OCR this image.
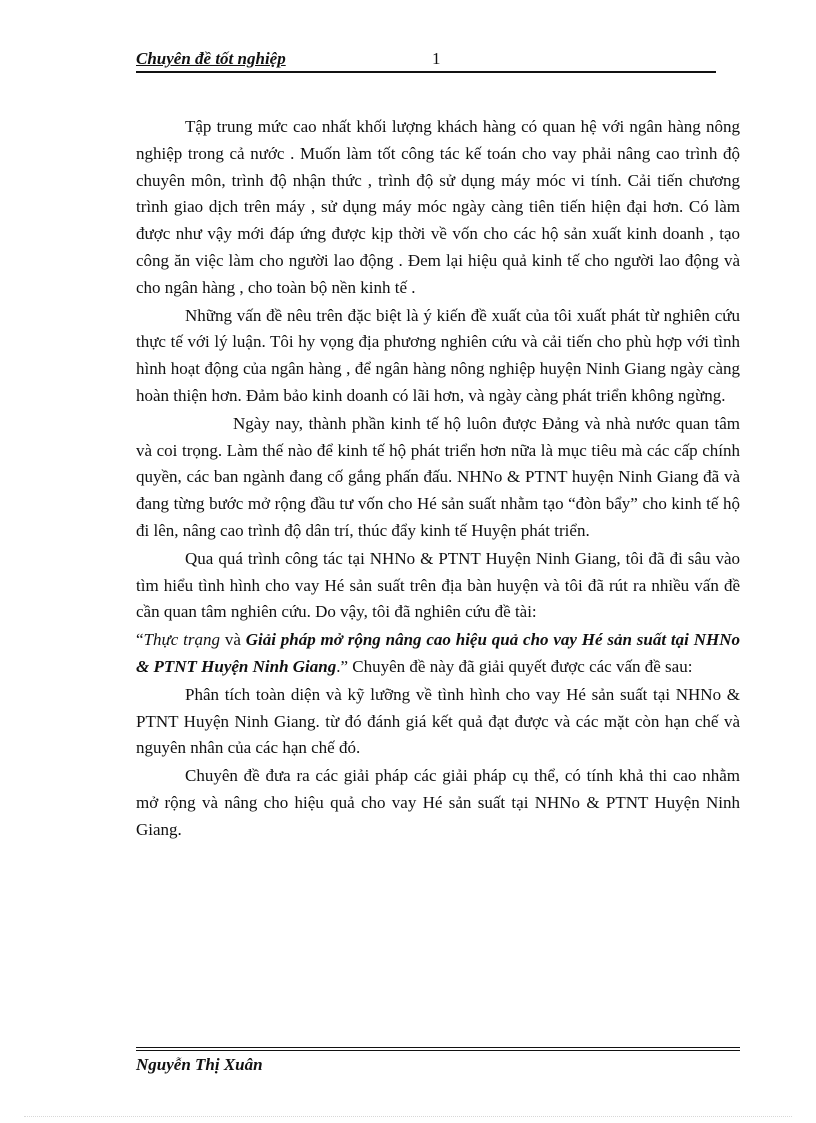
Chuyên đề tốt nghiệp	1

Tập trung mức cao nhất khối lượng khách hàng có quan hệ với ngân hàng nông nghiệp trong cả nước . Muốn làm tốt công tác kế toán cho vay phải nâng cao trình độ chuyên môn, trình độ nhận thức , trình độ sử dụng máy móc vi tính. Cải tiến chương trình giao dịch trên máy , sử dụng máy móc ngày càng tiên tiến hiện đại hơn. Có làm được như vậy mới đáp ứng được kịp thời về vốn cho các hộ sản xuất kinh doanh , tạo công ăn việc làm cho người lao động . Đem lại hiệu quả kinh tế cho người lao động và cho ngân hàng , cho toàn bộ nền kinh tế .

Những vấn đề nêu trên đặc biệt là ý kiến đề xuất của tôi xuất phát từ nghiên cứu thực tế với lý luận. Tôi hy vọng địa phương nghiên cứu và cải tiến cho phù hợp với tình hình hoạt động của ngân hàng , để ngân hàng nông nghiệp huyện Ninh Giang ngày càng hoàn thiện hơn. Đảm bảo kinh doanh có lãi hơn, và ngày càng phát triển không ngừng.

Ngày nay, thành phần kinh tế hộ luôn được Đảng và nhà nước quan tâm và coi trọng. Làm thế nào để kinh tế hộ phát triển hơn nữa là mục tiêu mà các cấp chính quyền, các ban ngành đang cố gắng phấn đấu. NHNo & PTNT huyện Ninh Giang đã và đang từng bước mở rộng đầu tư vốn cho Hé sản suất nhằm tạo “đòn bẩy” cho kinh tế hộ đi lên, nâng cao trình độ dân trí, thúc đẩy kinh tế Huyện phát triển.

Qua quá trình công tác tại NHNo & PTNT Huyện Ninh Giang, tôi đã đi sâu vào tìm hiểu tình hình cho vay Hé sản suất trên địa bàn huyện và tôi đã rút ra nhiều vấn đề cần quan tâm nghiên cứu. Do vậy, tôi đã nghiên cứu đề tài:

“Thực trạng và Giải pháp mở rộng nâng cao hiệu quả cho vay Hé sản suất tại NHNo & PTNT Huyện Ninh Giang.” Chuyên đề này đã giải quyết được các vấn đề sau:

Phân tích toàn diện và kỹ lưỡng về tình hình cho vay Hé sản suất tại NHNo & PTNT Huyện Ninh Giang. từ đó đánh giá kết quả đạt được và các mặt còn hạn chế và nguyên nhân của các hạn chế đó.

Chuyên đề đưa ra các giải pháp các giải pháp cụ thể, có tính khả thi cao nhằm mở rộng và nâng cho hiệu quả cho vay Hé sản suất tại NHNo & PTNT Huyện Ninh Giang.

Nguyễn Thị Xuân
